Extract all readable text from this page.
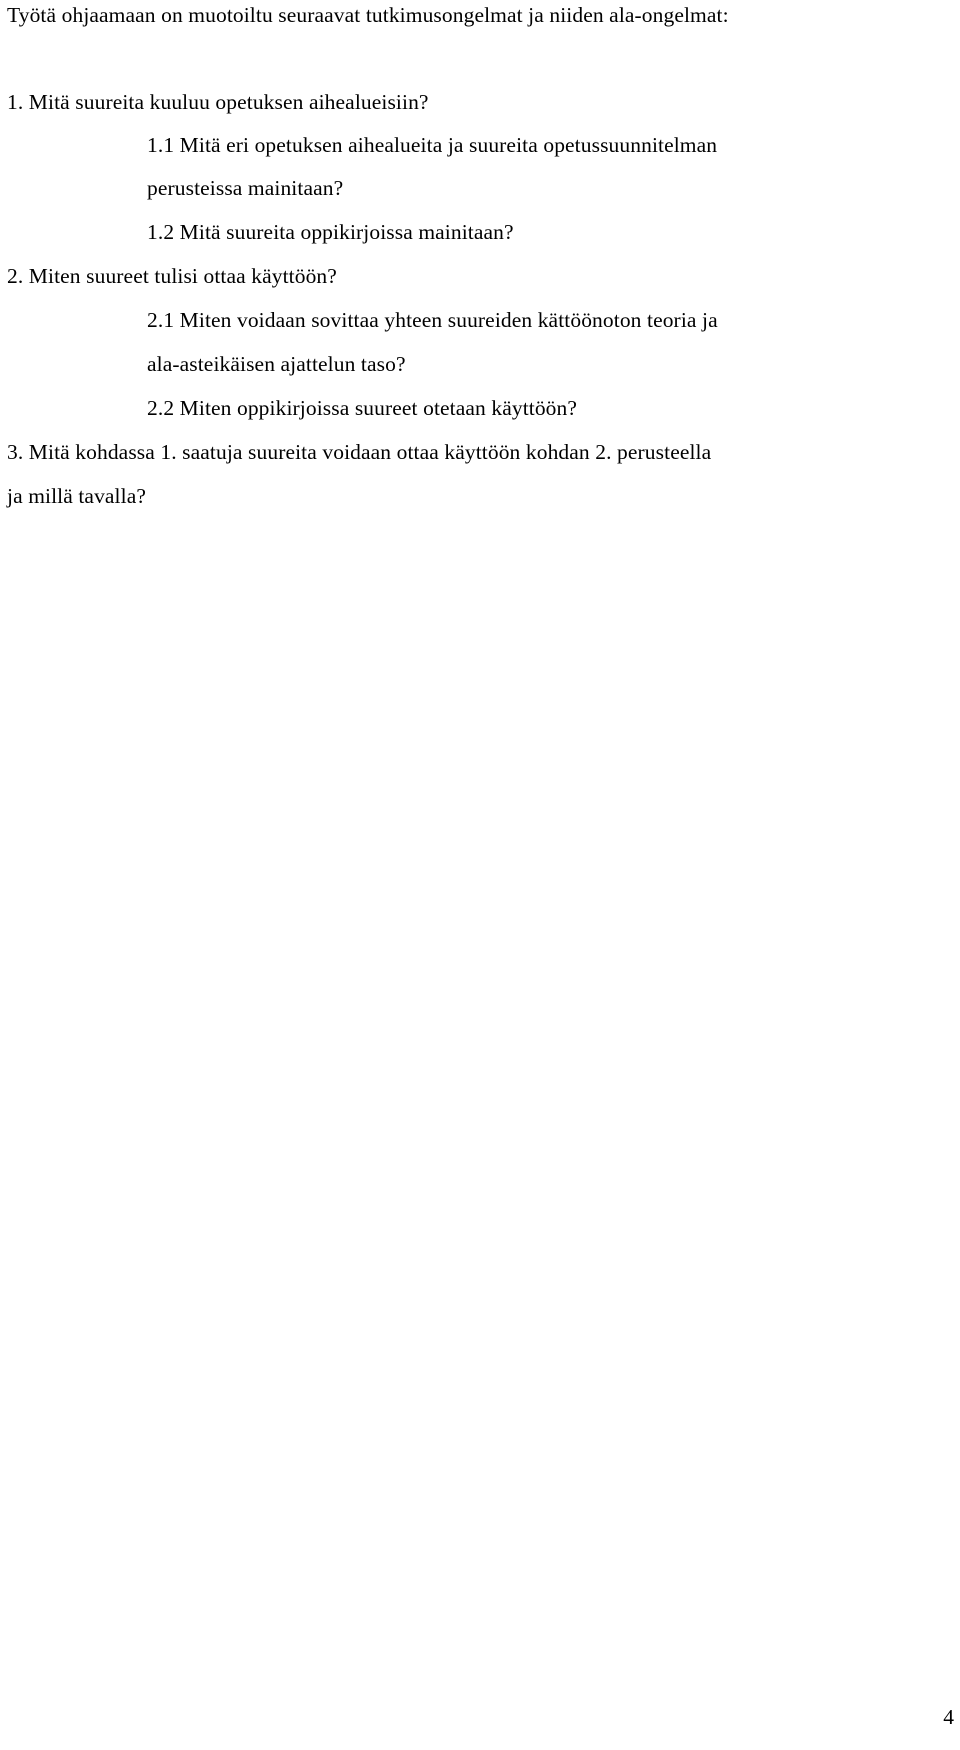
Työtä ohjaamaan on muotoiltu seuraavat tutkimusongelmat ja niiden ala-ongelmat:
1. Mitä suureita kuuluu opetuksen aihealueisiin?
1.1 Mitä eri opetuksen aihealueita ja suureita opetussuunnitelman
perusteissa mainitaan?
1.2 Mitä suureita oppikirjoissa mainitaan?
2. Miten suureet tulisi ottaa käyttöön?
2.1 Miten voidaan sovittaa yhteen suureiden kättöönoton teoria ja
ala-asteikäisen ajattelun taso?
2.2 Miten oppikirjoissa suureet otetaan käyttöön?
3. Mitä kohdassa 1. saatuja suureita voidaan ottaa käyttöön kohdan 2. perusteella
ja millä tavalla?
4
